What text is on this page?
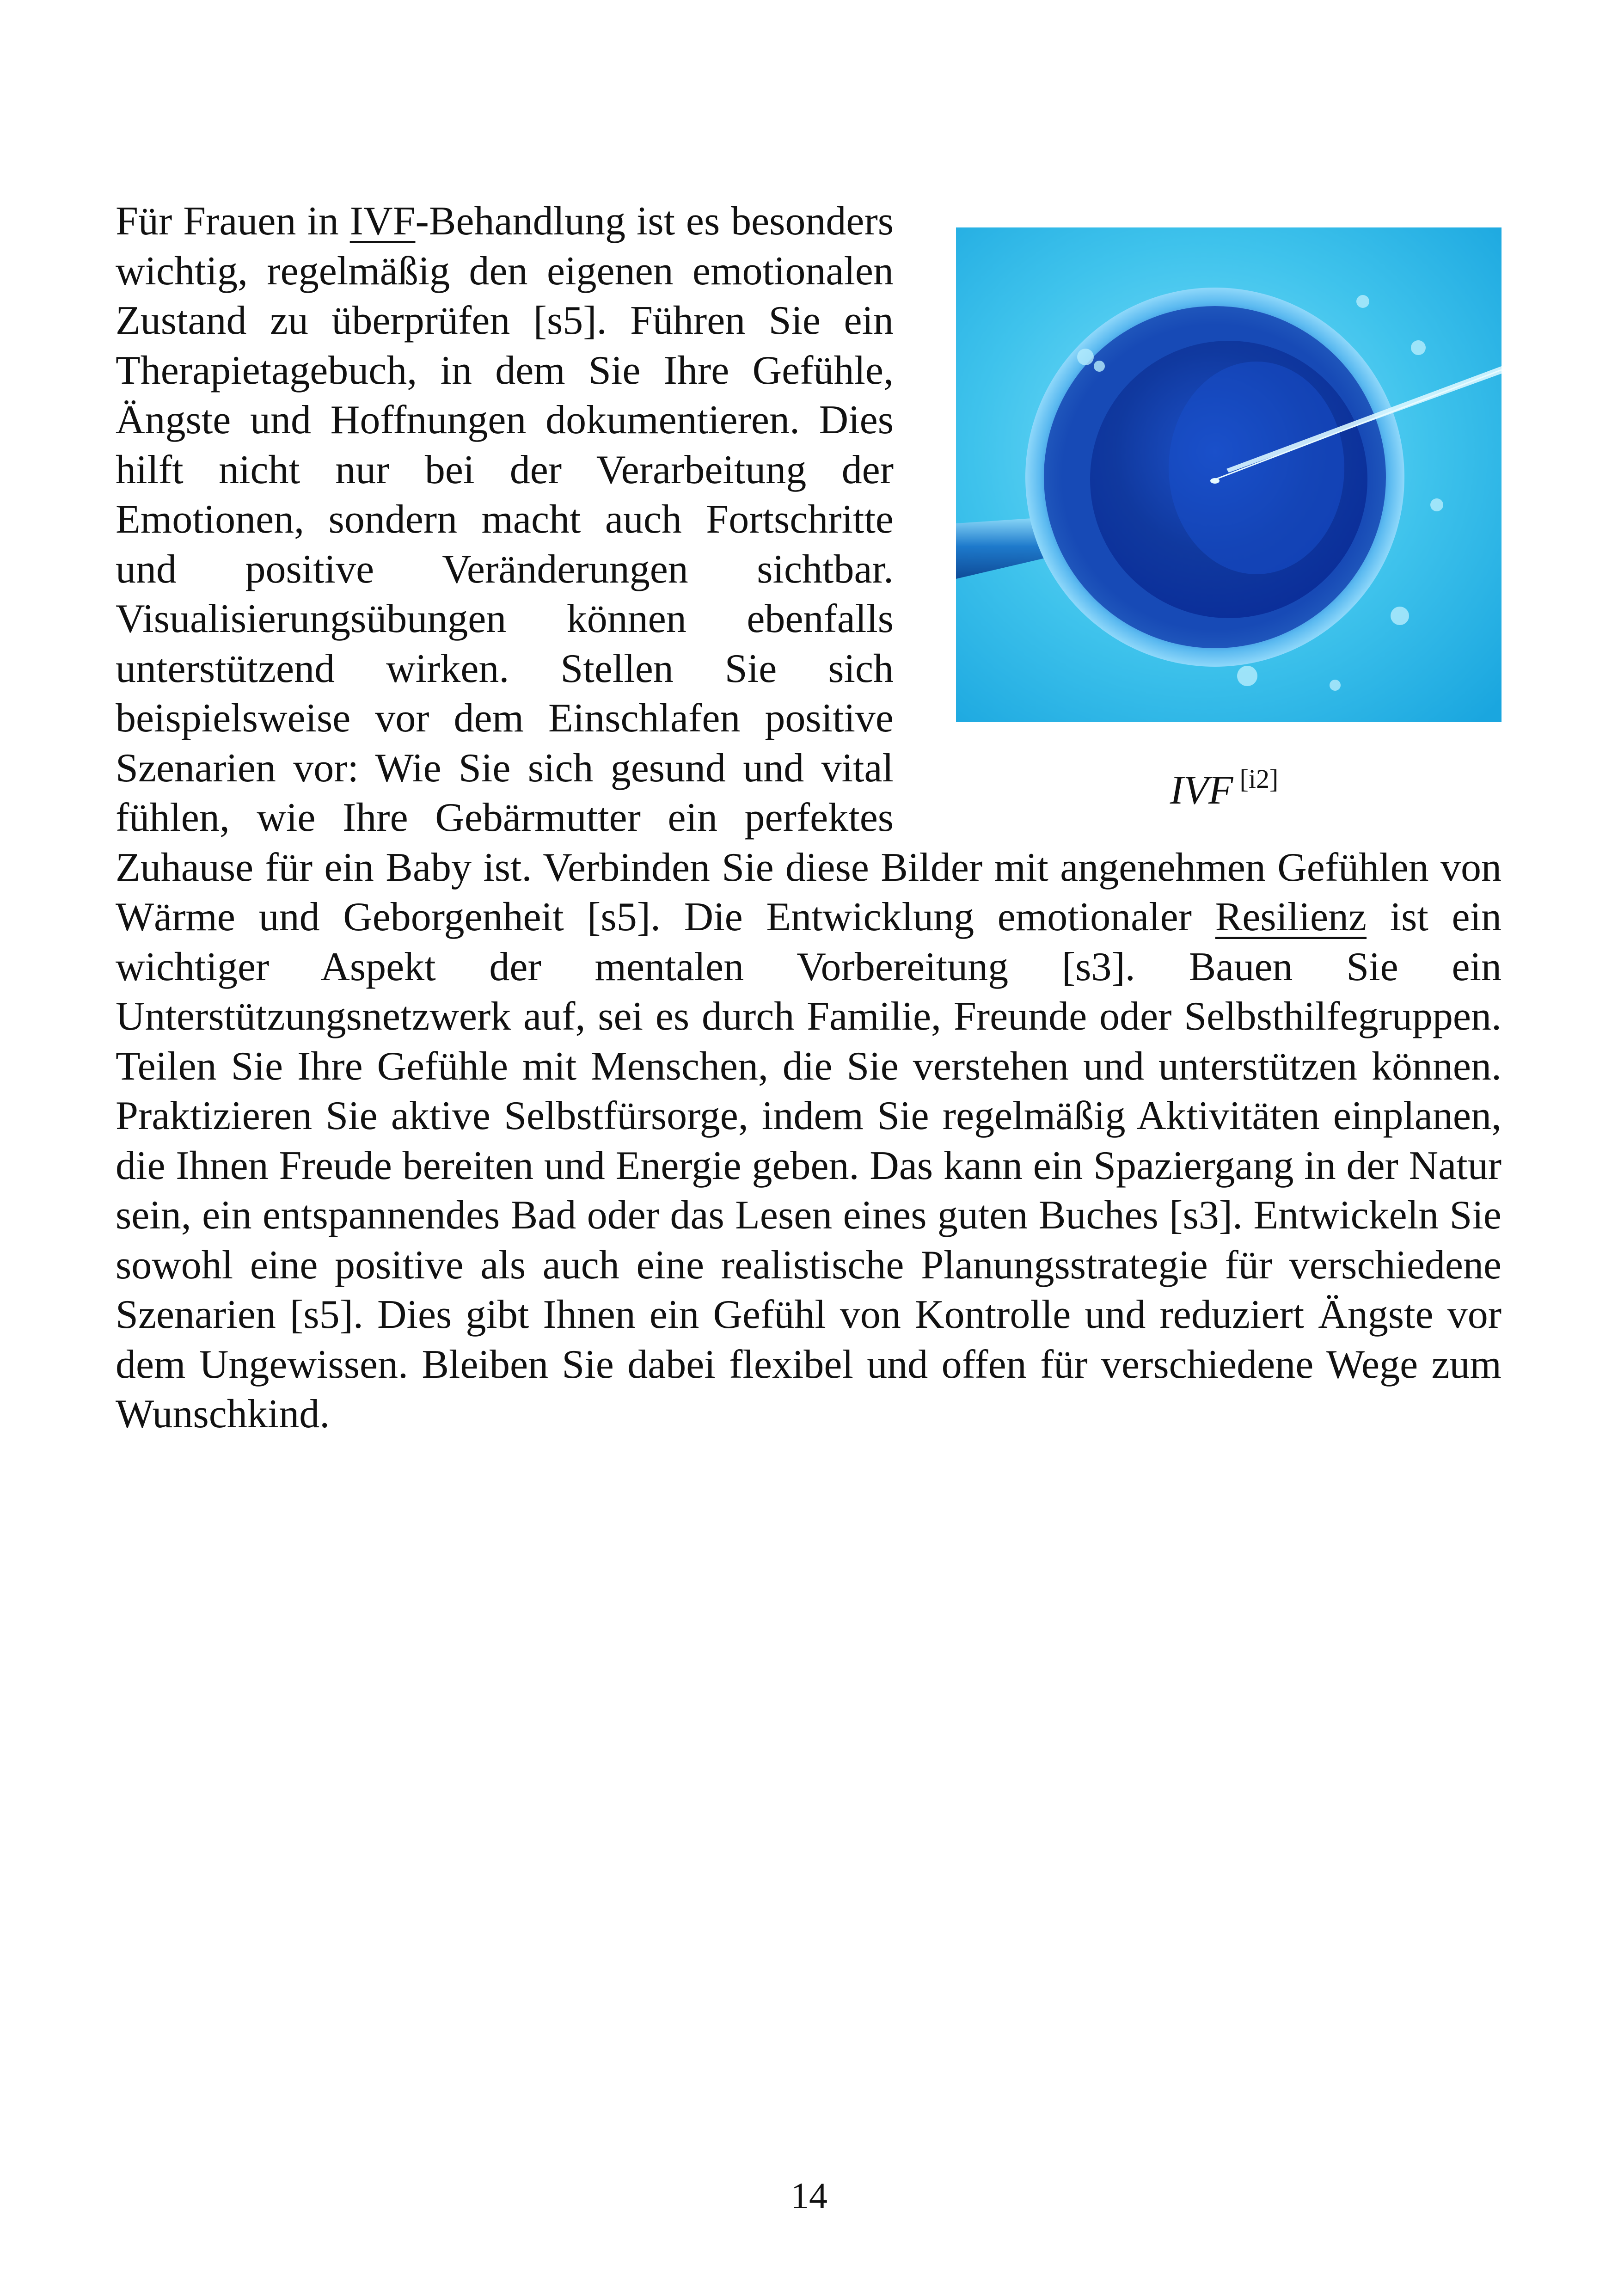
IVF [i2]
Für Frauen in IVF-Behandlung ist es besonders wichtig, regelmäßig den eigenen emotionalen Zustand zu überprüfen [s5]. Führen Sie ein Therapietagebuch, in dem Sie Ihre Gefühle, Ängste und Hoffnungen dokumentieren. Dies hilft nicht nur bei der Verarbeitung der Emotionen, sondern macht auch Fortschritte und positive Veränderungen sichtbar. Visualisierungsübungen können ebenfalls unterstützend wirken. Stellen Sie sich beispielsweise vor dem Einschlafen positive Szenarien vor: Wie Sie sich gesund und vital fühlen, wie Ihre Gebärmutter ein perfektes Zuhause für ein Baby ist. Verbinden Sie diese Bilder mit angenehmen Gefühlen von Wärme und Geborgenheit [s5]. Die Entwicklung emotionaler Resilienz ist ein wichtiger Aspekt der mentalen Vorbereitung [s3]. Bauen Sie ein Unterstützungsnetzwerk auf, sei es durch Familie, Freunde oder Selbsthilfegruppen. Teilen Sie Ihre Gefühle mit Menschen, die Sie verstehen und unterstützen können. Praktizieren Sie aktive Selbstfürsorge, indem Sie regelmäßig Aktivitäten einplanen, die Ihnen Freude bereiten und Energie geben. Das kann ein Spaziergang in der Natur sein, ein entspannendes Bad oder das Lesen eines guten Buches [s3]. Entwickeln Sie sowohl eine positive als auch eine realistische Planungsstrategie für verschiedene Szenarien [s5]. Dies gibt Ihnen ein Gefühl von Kontrolle und reduziert Ängste vor dem Ungewissen. Bleiben Sie dabei flexibel und offen für verschiedene Wege zum Wunschkind.
14
